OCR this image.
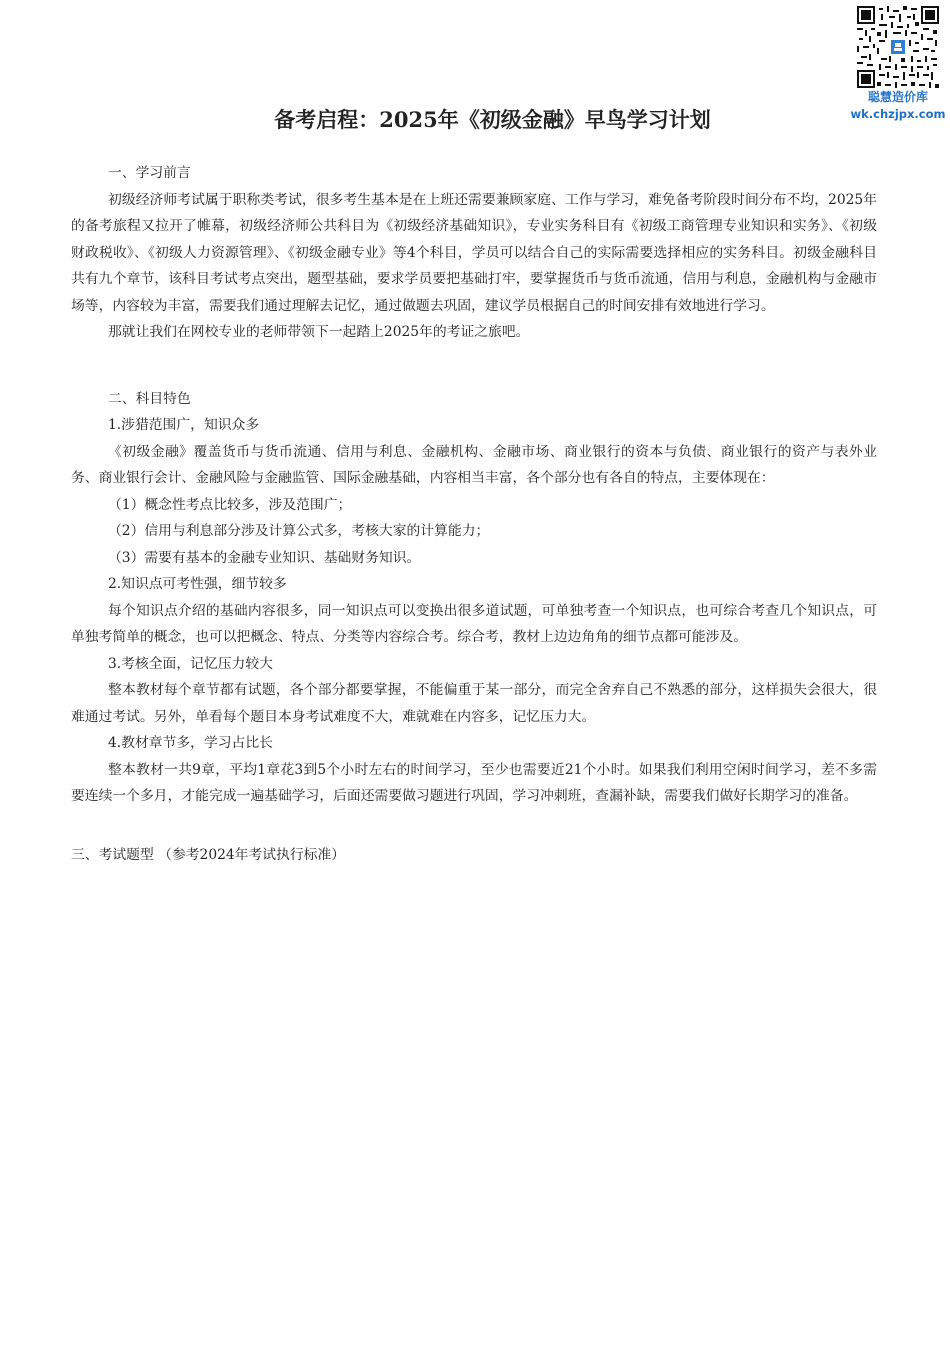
聪慧造价库
wk.chzjpx.com
备考启程：2025年《初级金融》早鸟学习计划

一、学习前言

初级经济师考试属于职称类考试，很多考生基本是在上班还需要兼顾家庭、工作与学习，难免备考阶段时间分布不均，2025年的备考旅程又拉开了帷幕，初级经济师公共科目为《初级经济基础知识》，专业实务科目有《初级工商管理专业知识和实务》、《初级财政税收》、《初级人力资源管理》、《初级金融专业》等4个科目，学员可以结合自己的实际需要选择相应的实务科目。初级金融科目共有九个章节，该科目考试考点突出，题型基础，要求学员要把基础打牢，要掌握货币与货币流通，信用与利息，金融机构与金融市场等，内容较为丰富，需要我们通过理解去记忆，通过做题去巩固，建议学员根据自己的时间安排有效地进行学习。

那就让我们在网校专业的老师带领下一起踏上2025年的考证之旅吧。

二、科目特色

1.涉猎范围广，知识众多

《初级金融》覆盖货币与货币流通、信用与利息、金融机构、金融市场、商业银行的资本与负债、商业银行的资产与表外业务、商业银行会计、金融风险与金融监管、国际金融基础，内容相当丰富，各个部分也有各自的特点，主要体现在：

（1）概念性考点比较多，涉及范围广；

（2）信用与利息部分涉及计算公式多，考核大家的计算能力；

（3）需要有基本的金融专业知识、基础财务知识。

2.知识点可考性强，细节较多

每个知识点介绍的基础内容很多，同一知识点可以变换出很多道试题，可单独考查一个知识点，也可综合考查几个知识点，可单独考简单的概念，也可以把概念、特点、分类等内容综合考。综合考，教材上边边角角的细节点都可能涉及。

3.考核全面，记忆压力较大

整本教材每个章节都有试题，各个部分都要掌握，不能偏重于某一部分，而完全舍弃自己不熟悉的部分，这样损失会很大，很难通过考试。另外，单看每个题目本身考试难度不大，难就难在内容多，记忆压力大。

4.教材章节多，学习占比长

整本教材一共9章，平均1章花3到5个小时左右的时间学习，至少也需要近21个小时。如果我们利用空闲时间学习，差不多需要连续一个多月，才能完成一遍基础学习，后面还需要做习题进行巩固，学习冲刺班，查漏补缺，需要我们做好长期学习的准备。

三、考试题型 （参考2024年考试执行标准）
